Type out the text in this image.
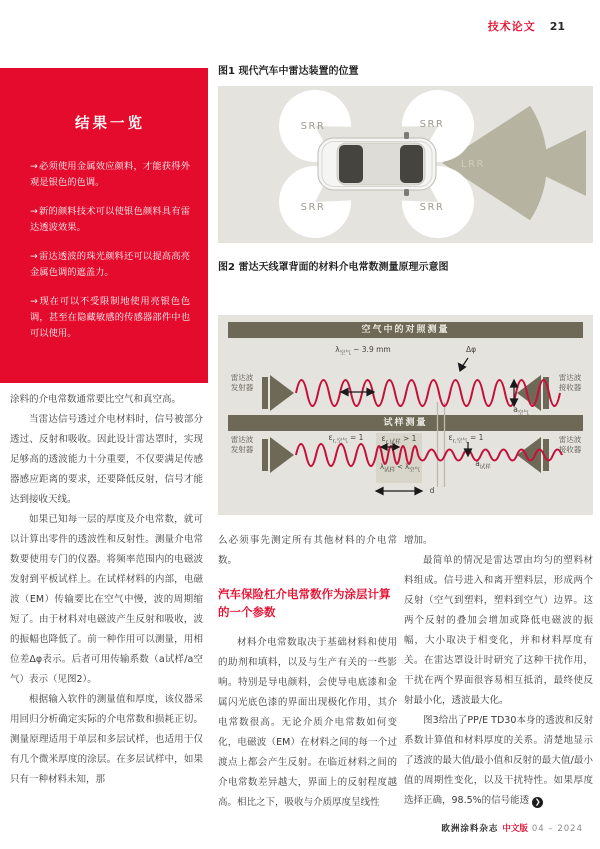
技术论文 21
结果一览

→必须使用金属效应颜料，才能获得外观是银色的色调。

→新的颜料技术可以使银色颜料具有雷达透波效果。

→雷达透波的珠光颜料还可以提高高亮金属色调的遮盖力。

→现在可以不受限制地使用亮银色色调，甚至在隐藏敏感的传感器部件中也可以使用。

图1 现代汽车中雷达装置的位置
SRR	SRR
SRR	SRR
LRR
图2 雷达天线罩背面的材料介电常数测量原理示意图
空气中的对照测量
试样测量
雷达波
发射器
雷达波
接收器
雷达波
发射器
雷达波
接收器
$\lambda_{空气}$ ~ 3.9 mm	Δφ
$a_{空气}$
$\varepsilon_{r,空气} = 1$	$\varepsilon_{r,试样} > 1$	$\varepsilon_{r,空气} = 1$
$\lambda_{试样} < \lambda_{空气}$
d
$a_{试样}$

涂料的介电常数通常要比空气和真空高。

当雷达信号透过介电材料时，信号被部分透过、反射和吸收。因此设计雷达罩时，实现足够高的透波能力十分重要，不仅要满足传感器感应距离的要求，还要降低反射，信号才能达到接收天线。

如果已知每一层的厚度及介电常数，就可以计算出零件的透波性和反射性。测量介电常数要使用专门的仪器。将频率范围内的电磁波发射到平板试样上。在试样材料的内部，电磁波（EM）传输要比在空气中慢，波的周期缩短了。由于材料对电磁波产生反射和吸收，波的振幅也降低了。前一种作用可以测量，用相位差Δφ表示。后者可用传输系数（a试样/a空气）表示（见图2）。

根据输入软件的测量值和厚度，该仪器采用回归分析确定实际的介电常数和损耗正切。测量原理适用于单层和多层试样，也适用于仅有几个微米厚度的涂层。在多层试样中，如果只有一种材料未知，那

么必须事先测定所有其他材料的介电常数。

汽车保险杠介电常数作为涂层计算的一个参数

材料介电常数取决于基础材料和使用的助剂和填料，以及与生产有关的一些影响。特别是导电颜料，会使导电底漆和金属闪光底色漆的界面出现极化作用，其介电常数很高。无论介质介电常数如何变化，电磁波（EM）在材料之间的每一个过渡点上都会产生反射。在临近材料之间的介电常数差异越大，界面上的反射程度越高。相比之下，吸收与介质厚度呈线性

增加。

最简单的情况是雷达罩由均匀的塑料材料组成。信号进入和离开塑料层，形成两个反射（空气到塑料，塑料到空气）边界。这两个反射的叠加会增加或降低电磁波的振幅，大小取决于相变化，并和材料厚度有关。在雷达罩设计时研究了这种干扰作用，干扰在两个界面很容易相互抵消，最终使反射最小化，透波最大化。

图3给出了PP/E TD30本身的透波和反射系数计算值和材料厚度的关系。清楚地显示了透波的最大值/最小值和反射的最大值/最小值的周期性变化，以及干扰特性。如果厚度选择正确，98.5%的信号能透 ❯

欧洲涂料杂志 中文版 04 – 2024
